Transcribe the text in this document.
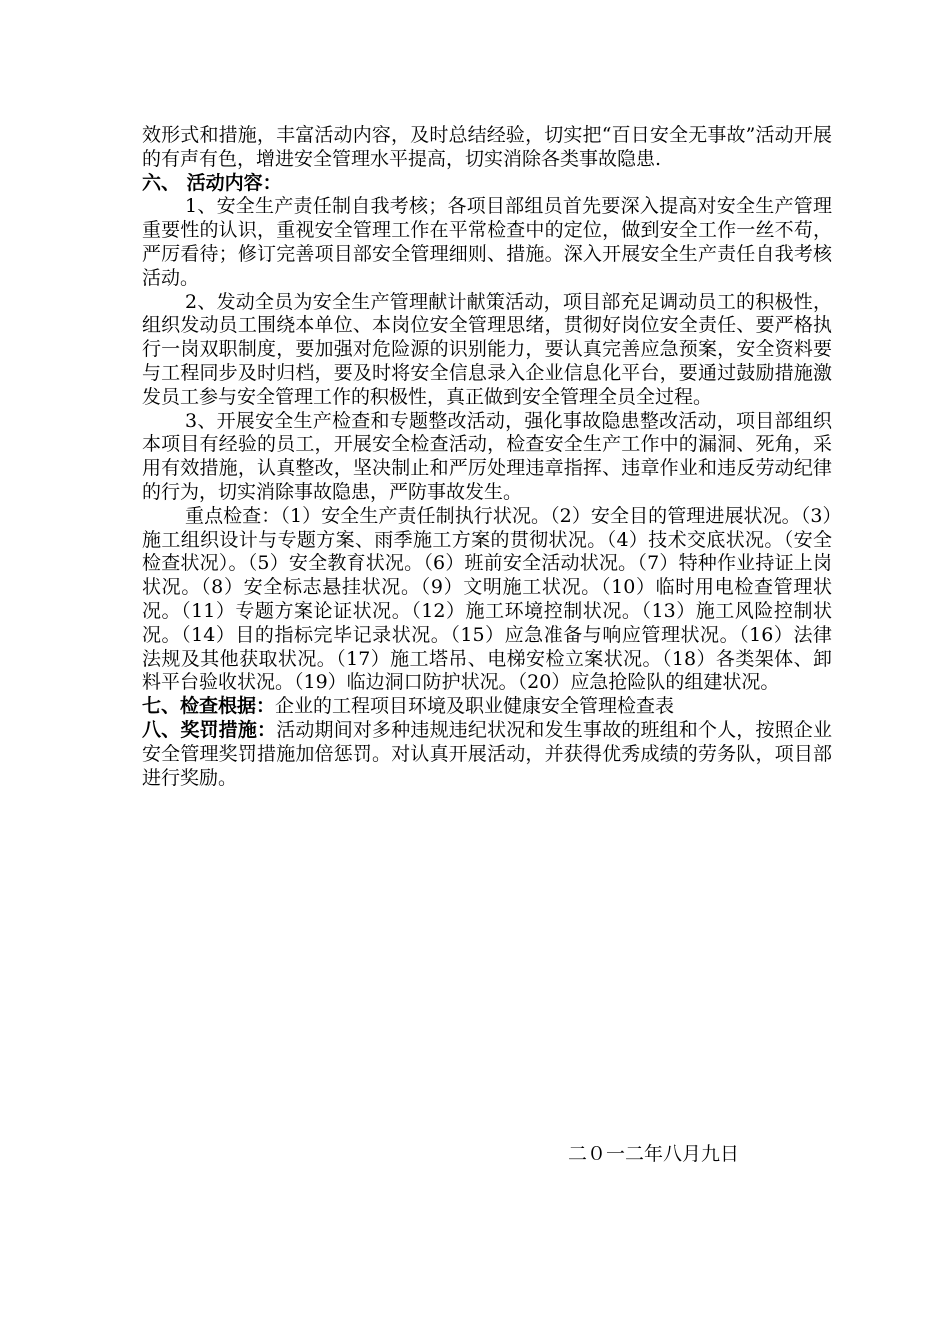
效形式和措施，丰富活动内容，及时总结经验，切实把“百日安全无事故”活动开展的有声有色，增进安全管理水平提高，切实消除各类事故隐患.

六、 活动内容：

1、安全生产责任制自我考核；各项目部组员首先要深入提高对安全生产管理重要性的认识，重视安全管理工作在平常检查中的定位，做到安全工作一丝不苟，严厉看待；修订完善项目部安全管理细则、措施。深入开展安全生产责任自我考核活动。

2、发动全员为安全生产管理献计献策活动，项目部充足调动员工的积极性，组织发动员工围绕本单位、本岗位安全管理思绪，贯彻好岗位安全责任、要严格执行一岗双职制度，要加强对危险源的识别能力，要认真完善应急预案，安全资料要与工程同步及时归档，要及时将安全信息录入企业信息化平台，要通过鼓励措施激发员工参与安全管理工作的积极性，真正做到安全管理全员全过程。

3、开展安全生产检查和专题整改活动，强化事故隐患整改活动，项目部组织本项目有经验的员工，开展安全检查活动，检查安全生产工作中的漏洞、死角，采用有效措施，认真整改，坚决制止和严厉处理违章指挥、违章作业和违反劳动纪律的行为，切实消除事故隐患，严防事故发生。

重点检查：（1）安全生产责任制执行状况。（2）安全目的管理进展状况。（3）施工组织设计与专题方案、雨季施工方案的贯彻状况。（4）技术交底状况。（安全检查状况）。（5）安全教育状况。（6）班前安全活动状况。（7）特种作业持证上岗状况。（8）安全标志悬挂状况。（9）文明施工状况。（10）临时用电检查管理状况。（11）专题方案论证状况。（12）施工环境控制状况。（13）施工风险控制状况。（14）目的指标完毕记录状况。（15）应急准备与响应管理状况。（16）法律法规及其他获取状况。（17）施工塔吊、电梯安检立案状况。（18）各类架体、卸料平台验收状况。（19）临边洞口防护状况。（20）应急抢险队的组建状况。

七、检查根据：企业的工程项目环境及职业健康安全管理检查表

八、奖罚措施：活动期间对多种违规违纪状况和发生事故的班组和个人，按照企业安全管理奖罚措施加倍惩罚。对认真开展活动，并获得优秀成绩的劳务队，项目部进行奖励。

二０一二年八月九日
